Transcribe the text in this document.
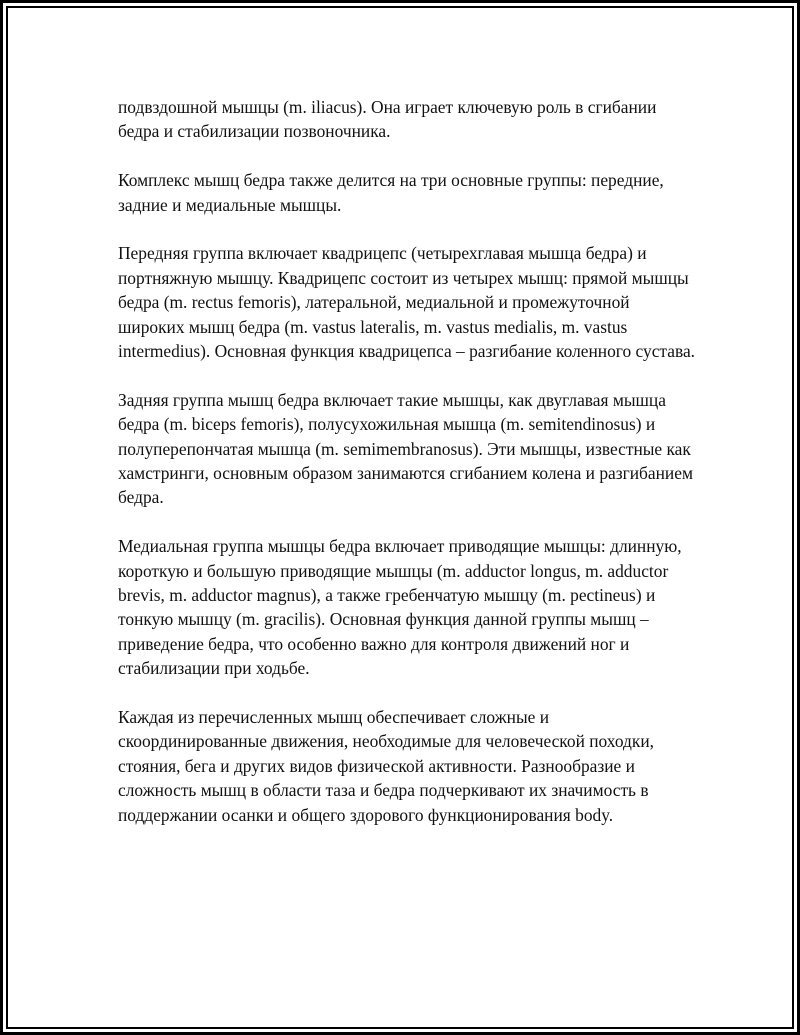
подвздошной мышцы (m. iliacus). Она играет ключевую роль в сгибании бедра и стабилизации позвоночника.

Комплекс мышц бедра также делится на три основные группы: передние, задние и медиальные мышцы.

Передняя группа включает квадрицепс (четырехглавая мышца бедра) и портняжную мышцу. Квадрицепс состоит из четырех мышц: прямой мышцы бедра (m. rectus femoris), латеральной, медиальной и промежуточной широких мышц бедра (m. vastus lateralis, m. vastus medialis, m. vastus intermedius). Основная функция квадрицепса – разгибание коленного сустава.

Задняя группа мышц бедра включает такие мышцы, как двуглавая мышца бедра (m. biceps femoris), полусухожильная мышца (m. semitendinosus) и полуперепончатая мышца (m. semimembranosus). Эти мышцы, известные как хамстринги, основным образом занимаются сгибанием колена и разгибанием бедра.

Медиальная группа мышцы бедра включает приводящие мышцы: длинную, короткую и большую приводящие мышцы (m. adductor longus, m. adductor brevis, m. adductor magnus), а также гребенчатую мышцу (m. pectineus) и тонкую мышцу (m. gracilis). Основная функция данной группы мышц – приведение бедра, что особенно важно для контроля движений ног и стабилизации при ходьбе.

Каждая из перечисленных мышц обеспечивает сложные и скоординированные движения, необходимые для человеческой походки, стояния, бега и других видов физической активности. Разнообразие и сложность мышц в области таза и бедра подчеркивают их значимость в поддержании осанки и общего здорового функционирования body.
